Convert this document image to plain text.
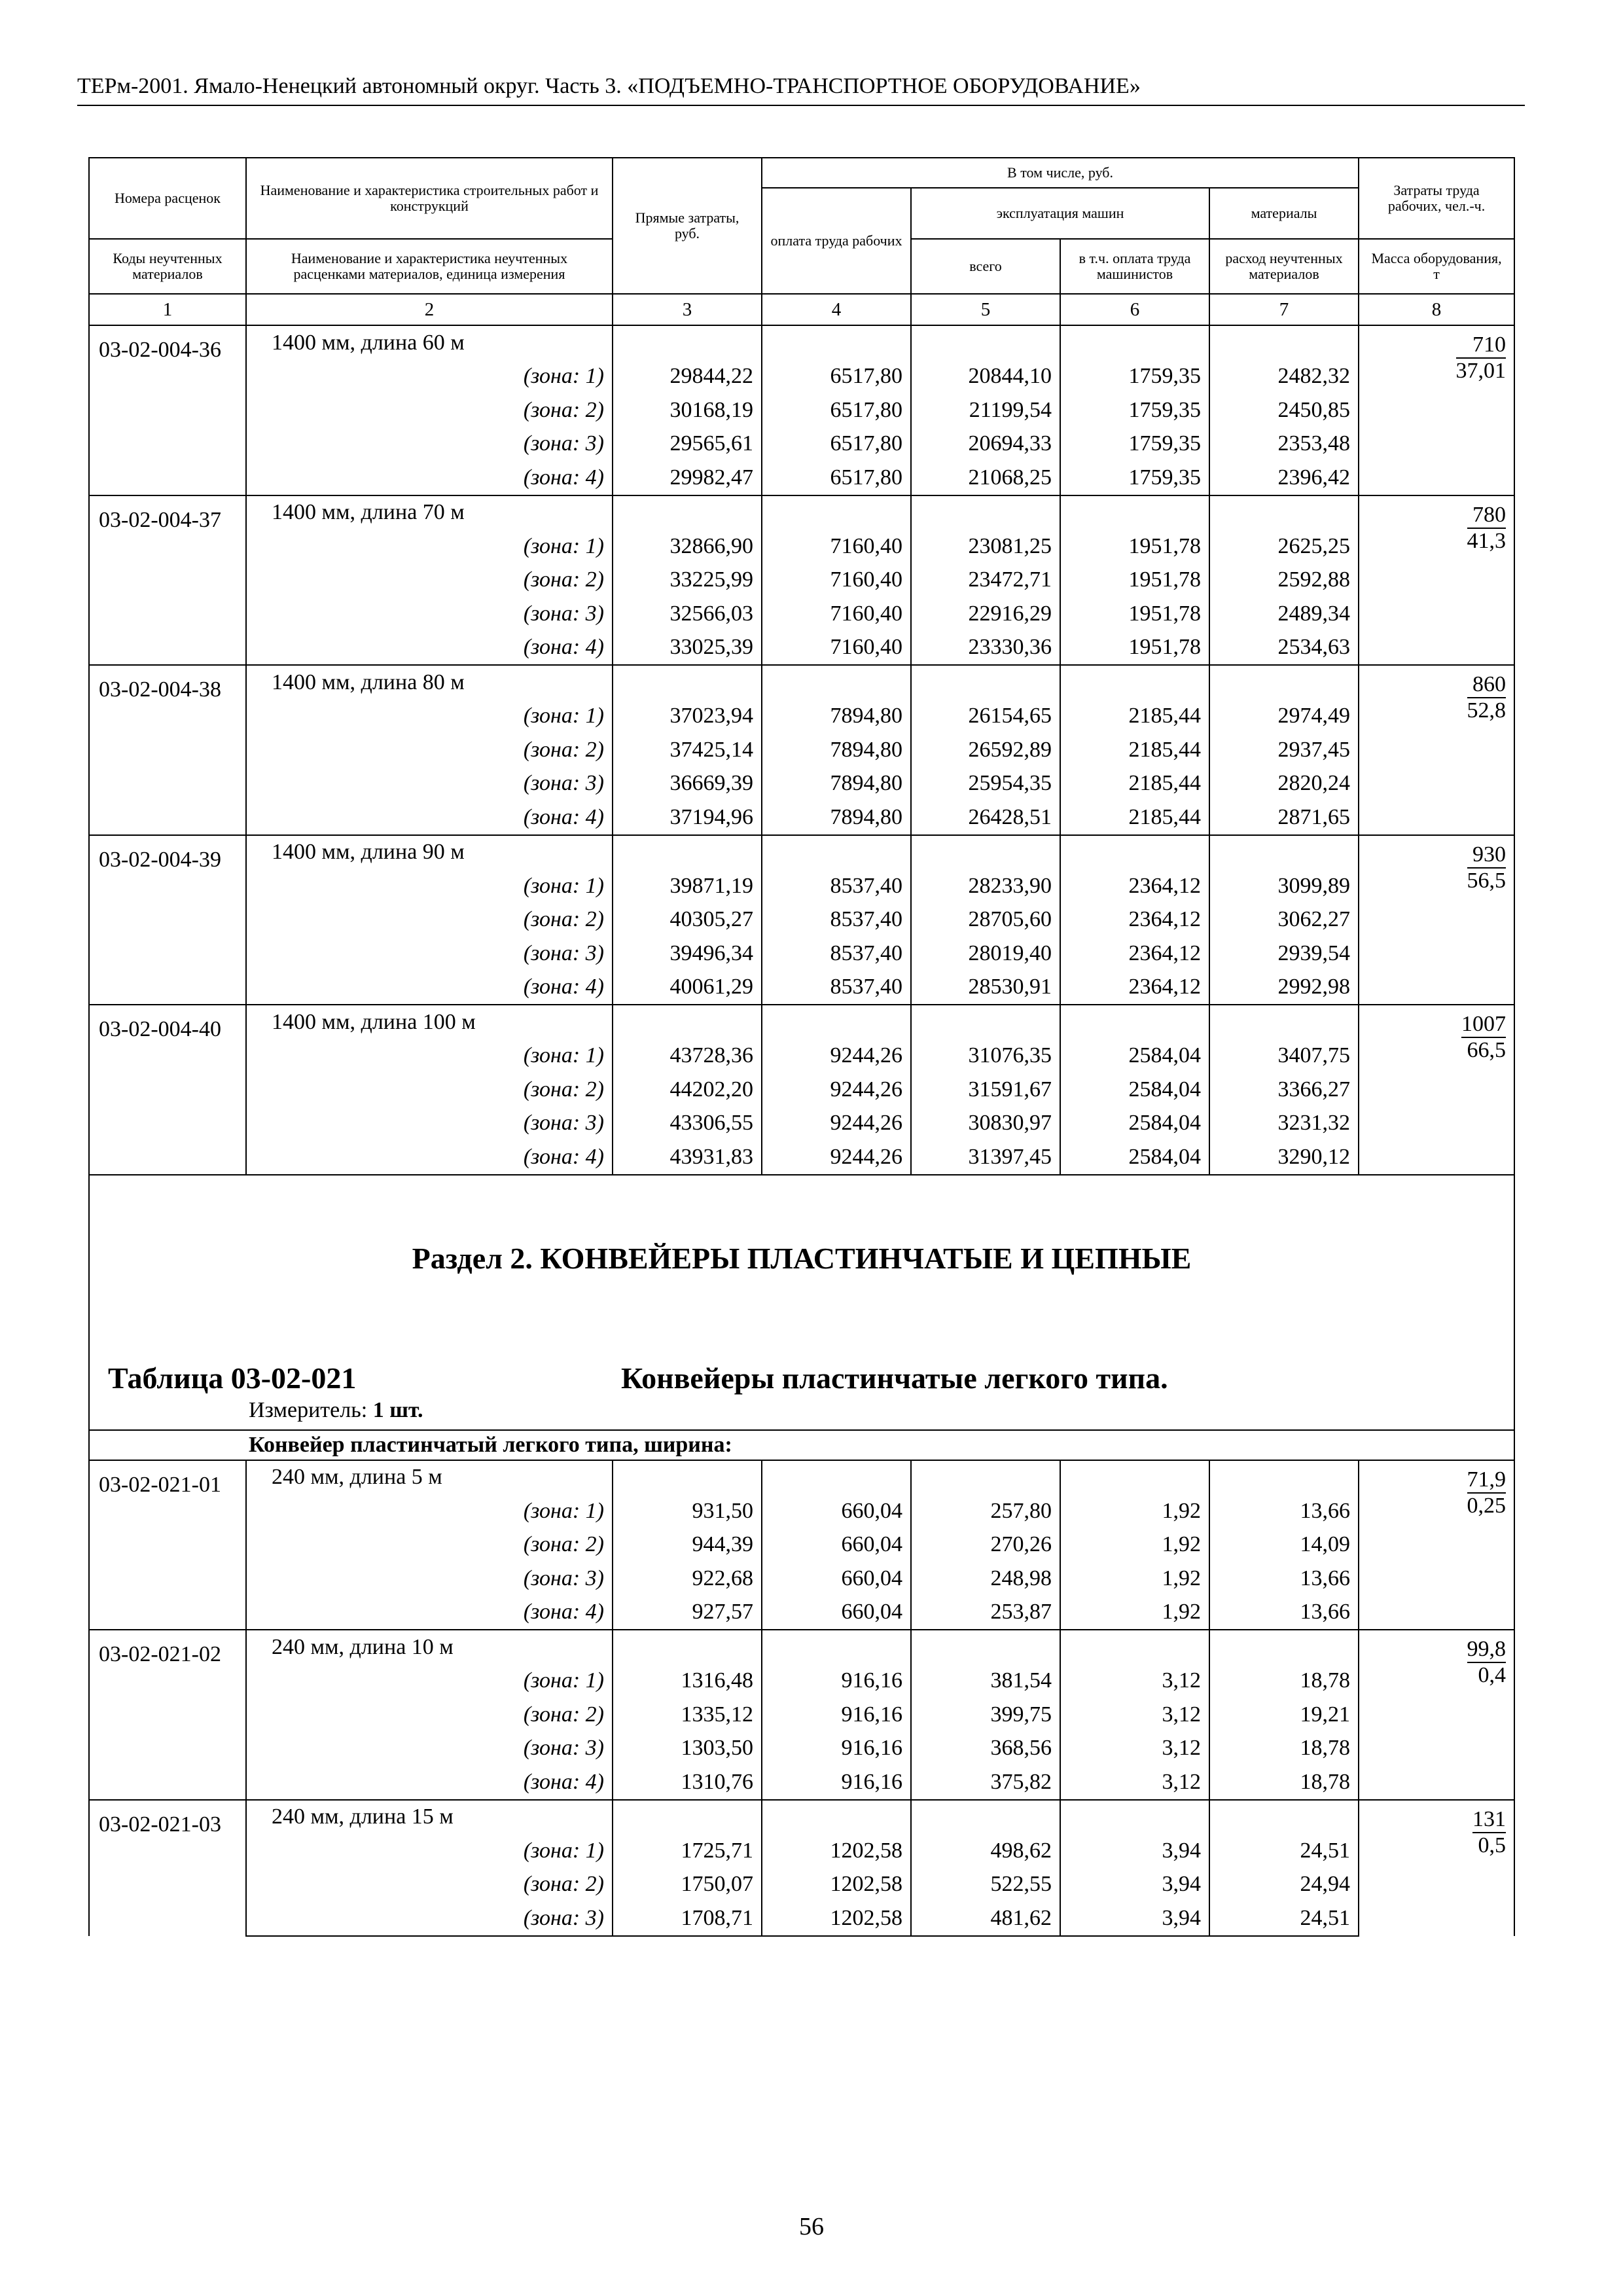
ТЕРм-2001. Ямало-Ненецкий автономный округ. Часть 3. «ПОДЪЕМНО-ТРАНСПОРТНОЕ ОБОРУДОВАНИЕ»
Номера расценок	Наименование и характеристика строительных работ и конструкций	Прямые затраты, руб.	В том числе, руб.				Затраты труда рабочих, чел.-ч.
			оплата труда рабочих	эксплуатация машин		материалы	
Коды неучтенных материалов	Наименование и характеристика неучтенных расценками материалов, единица измерения			всего	в т.ч. оплата труда машинистов	расход неучтенных материалов	Масса оборудования, т
1	2	3	4	5	6	7	8
03-02-004-36	1400 мм, длина 60 м						$\frac{710}{37,01}$

	(зона: 1)	29844,22	6517,80	20844,10	1759,35	2482,32	
	(зона: 2)	30168,19	6517,80	21199,54	1759,35	2450,85	
	(зона: 3)	29565,61	6517,80	20694,33	1759,35	2353,48	
	(зона: 4)	29982,47	6517,80	21068,25	1759,35	2396,42	
03-02-004-37	1400 мм, длина 70 м						$\frac{780}{41,3}$

	(зона: 1)	32866,90	7160,40	23081,25	1951,78	2625,25	
	(зона: 2)	33225,99	7160,40	23472,71	1951,78	2592,88	
	(зона: 3)	32566,03	7160,40	22916,29	1951,78	2489,34	
	(зона: 4)	33025,39	7160,40	23330,36	1951,78	2534,63	
03-02-004-38	1400 мм, длина 80 м						$\frac{860}{52,8}$

	(зона: 1)	37023,94	7894,80	26154,65	2185,44	2974,49	
	(зона: 2)	37425,14	7894,80	26592,89	2185,44	2937,45	
	(зона: 3)	36669,39	7894,80	25954,35	2185,44	2820,24	
	(зона: 4)	37194,96	7894,80	26428,51	2185,44	2871,65	
03-02-004-39	1400 мм, длина 90 м						$\frac{930}{56,5}$

	(зона: 1)	39871,19	8537,40	28233,90	2364,12	3099,89	
	(зона: 2)	40305,27	8537,40	28705,60	2364,12	3062,27	
	(зона: 3)	39496,34	8537,40	28019,40	2364,12	2939,54	
	(зона: 4)	40061,29	8537,40	28530,91	2364,12	2992,98	
03-02-004-40	1400 мм, длина 100 м						$\frac{1007}{66,5}$

	(зона: 1)	43728,36	9244,26	31076,35	2584,04	3407,75	
	(зона: 2)	44202,20	9244,26	31591,67	2584,04	3366,27	
	(зона: 3)	43306,55	9244,26	30830,97	2584,04	3231,32	
	(зона: 4)	43931,83	9244,26	31397,45	2584,04	3290,12	

Раздел 2. КОНВЕЙЕРЫ ПЛАСТИНЧАТЫЕ И ЦЕПНЫЕ
Таблица 03-02-021 Конвейеры пластинчатые легкого типа.
Измеритель: 1 шт.							

Конвейер пластинчатый легкого типа, ширина:							
03-02-021-01	240 мм, длина 5 м						$\frac{71,9}{0,25}$

	(зона: 1)	931,50	660,04	257,80	1,92	13,66	
	(зона: 2)	944,39	660,04	270,26	1,92	14,09	
	(зона: 3)	922,68	660,04	248,98	1,92	13,66	
	(зона: 4)	927,57	660,04	253,87	1,92	13,66	
03-02-021-02	240 мм, длина 10 м						$\frac{99,8}{0,4}$

	(зона: 1)	1316,48	916,16	381,54	3,12	18,78	
	(зона: 2)	1335,12	916,16	399,75	3,12	19,21	
	(зона: 3)	1303,50	916,16	368,56	3,12	18,78	
	(зона: 4)	1310,76	916,16	375,82	3,12	18,78	
03-02-021-03	240 мм, длина 15 м						$\frac{131}{0,5}$

	(зона: 1)	1725,71	1202,58	498,62	3,94	24,51	
	(зона: 2)	1750,07	1202,58	522,55	3,94	24,94	
	(зона: 3)	1708,71	1202,58	481,62	3,94	24,51	
56
